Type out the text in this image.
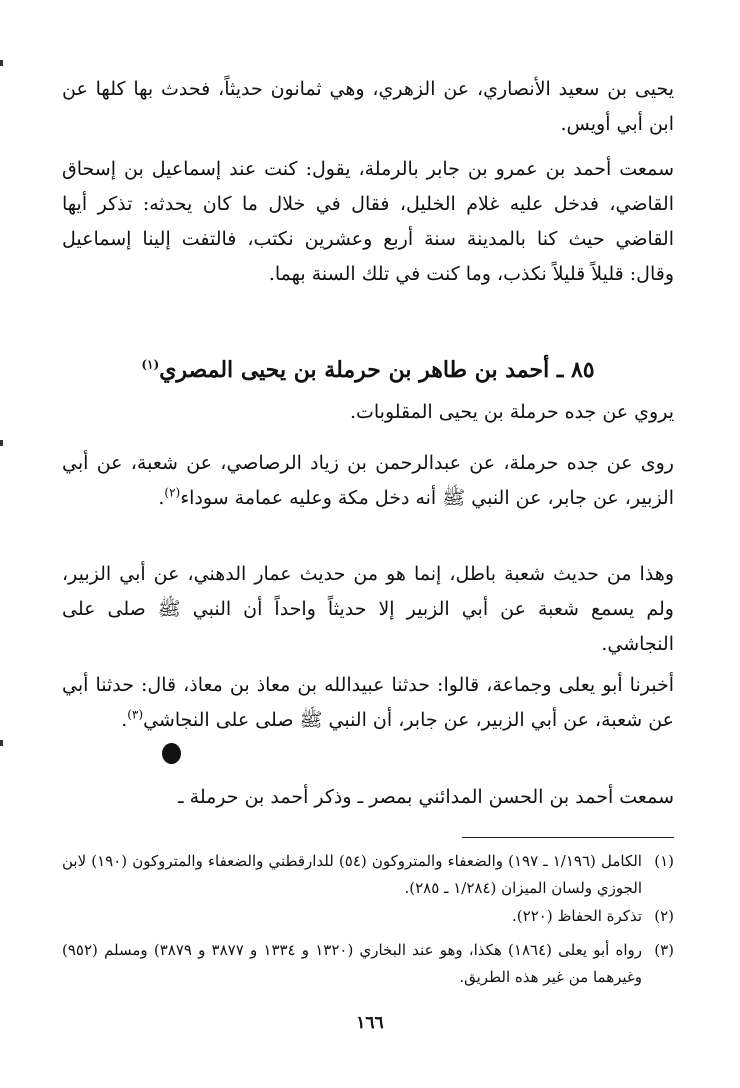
يحيى بن سعيد الأنصاري، عن الزهري، وهي ثمانون حديثاً، فحدث بها كلها عن ابن أبي أويس.

سمعت أحمد بن عمرو بن جابر بالرملة، يقول: كنت عند إسماعيل بن إسحاق القاضي، فدخل عليه غلام الخليل، فقال في خلال ما كان يحدثه: تذكر أيها القاضي حيث كنا بالمدينة سنة أربع وعشرين نكتب، فالتفت إلينا إسماعيل وقال: قليلاً قليلاً نكذب، وما كنت في تلك السنة بهما.

٨٥ ـ أحمد بن طاهر بن حرملة بن يحيى المصري$^{(١)}$

يروي عن جده حرملة بن يحيى المقلوبات.

روى عن جده حرملة، عن عبدالرحمن بن زياد الرصاصي، عن شعبة، عن أبي الزبير، عن جابر، عن النبي ﷺ أنه دخل مكة وعليه عمامة سوداء$^{(٢)}$.

وهذا من حديث شعبة باطل، إنما هو من حديث عمار الدهني، عن أبي الزبير، ولم يسمع شعبة عن أبي الزبير إلا حديثاً واحداً أن النبي ﷺ صلى على النجاشي.

أخبرنا أبو يعلى وجماعة، قالوا: حدثنا عبيدالله بن معاذ بن معاذ، قال: حدثنا أبي عن شعبة، عن أبي الزبير، عن جابر، أن النبي ﷺ صلى على النجاشي$^{(٣)}$.

سمعت أحمد بن الحسن المدائني بمصر ـ وذكر أحمد بن حرملة ـ

(١)
الكامل (١/١٩٦ ـ ١٩٧) والضعفاء والمتروكون (٥٤) للدارقطني والضعفاء والمتروكون (١٩٠) لابن الجوزي ولسان الميزان (١/٢٨٤ ـ ٢٨٥).
(٢)
تذكرة الحفاظ (٢٢٠).
(٣)
رواه أبو يعلى (١٨٦٤) هكذا، وهو عند البخاري (١٣٢٠ و ١٣٣٤ و ٣٨٧٧ و ٣٨٧٩) ومسلم (٩٥٢) وغيرهما من غير هذه الطريق.
١٦٦
